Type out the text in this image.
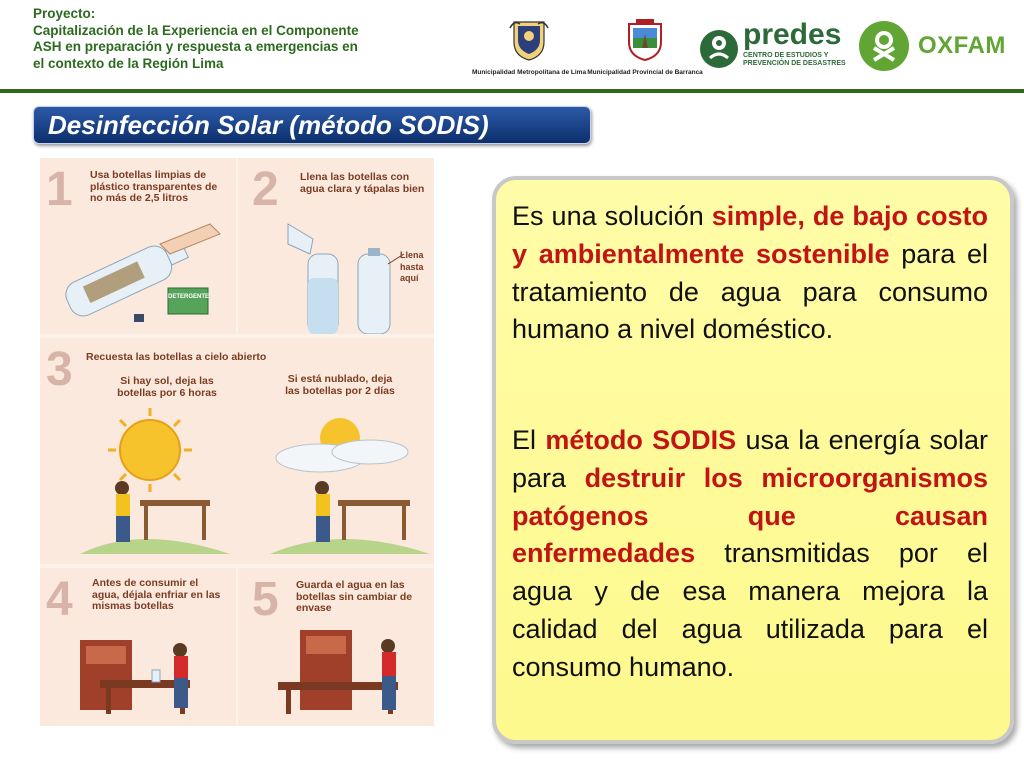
Proyecto:
Capitalización de la Experiencia en el Componente
ASH en preparación y respuesta a emergencias en
el contexto de la Región Lima
Municipalidad Metropolitana de Lima Municipalidad Provincial de Barranca
predes
CENTRO DE ESTUDIOS Y
PREVENCIÓN DE DESASTRES
OXFAM
Desinfección Solar (método SODIS)
1 Usa botellas limpias de plástico transparentes de no más de 2,5 litros
DETERGENTE
2 Llena las botellas con agua clara y tápalas bien
Llena hasta aquí
3 Recuesta las botellas a cielo abierto
Si hay sol, deja las botellas por 6 horas
Si está nublado, deja las botellas por 2 días
4 Antes de consumir el agua, déjala enfriar en las mismas botellas	5 Guarda el agua en las botellas sin cambiar de envase
Es una solución simple, de bajo costo y ambientalmente sostenible para el tratamiento de agua para consumo humano a nivel doméstico.
El método SODIS usa la energía solar para destruir los microorganismos patógenos que causan enfermedades transmitidas por el agua y de esa manera mejora la calidad del agua utilizada para el consumo humano.
